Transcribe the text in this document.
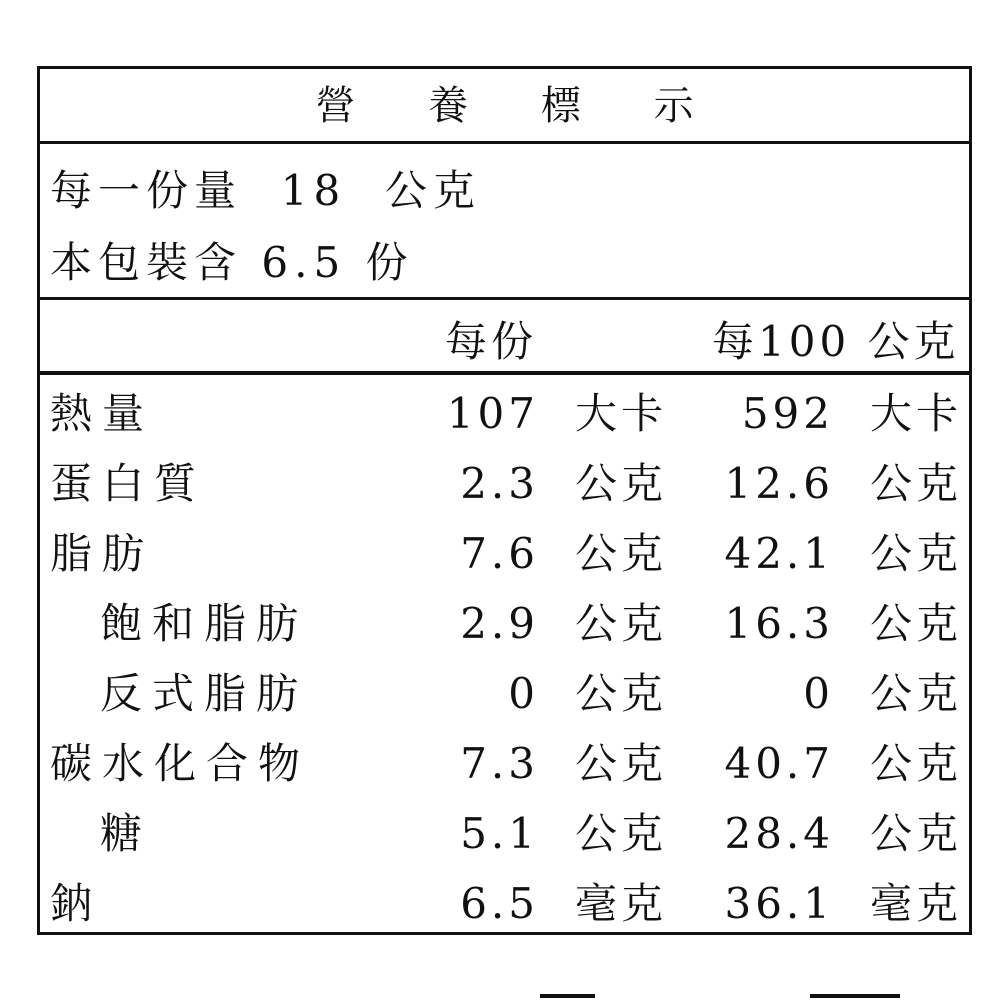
營 養 標 示
每一份量 18 公克
本包裝含 6.5 份
每份	每100 公克
熱量	107 大卡 592 大卡
蛋白質	2.3 公克 12.6 公克
脂肪	7.6 公克 42.1 公克
飽和脂肪	2.9 公克 16.3 公克
反式脂肪	0 公克	0 公克
碳水化合物	7.3 公克 40.7 公克
糖	5.1 公克 28.4 公克
鈉	6.5 毫克 36.1 毫克
